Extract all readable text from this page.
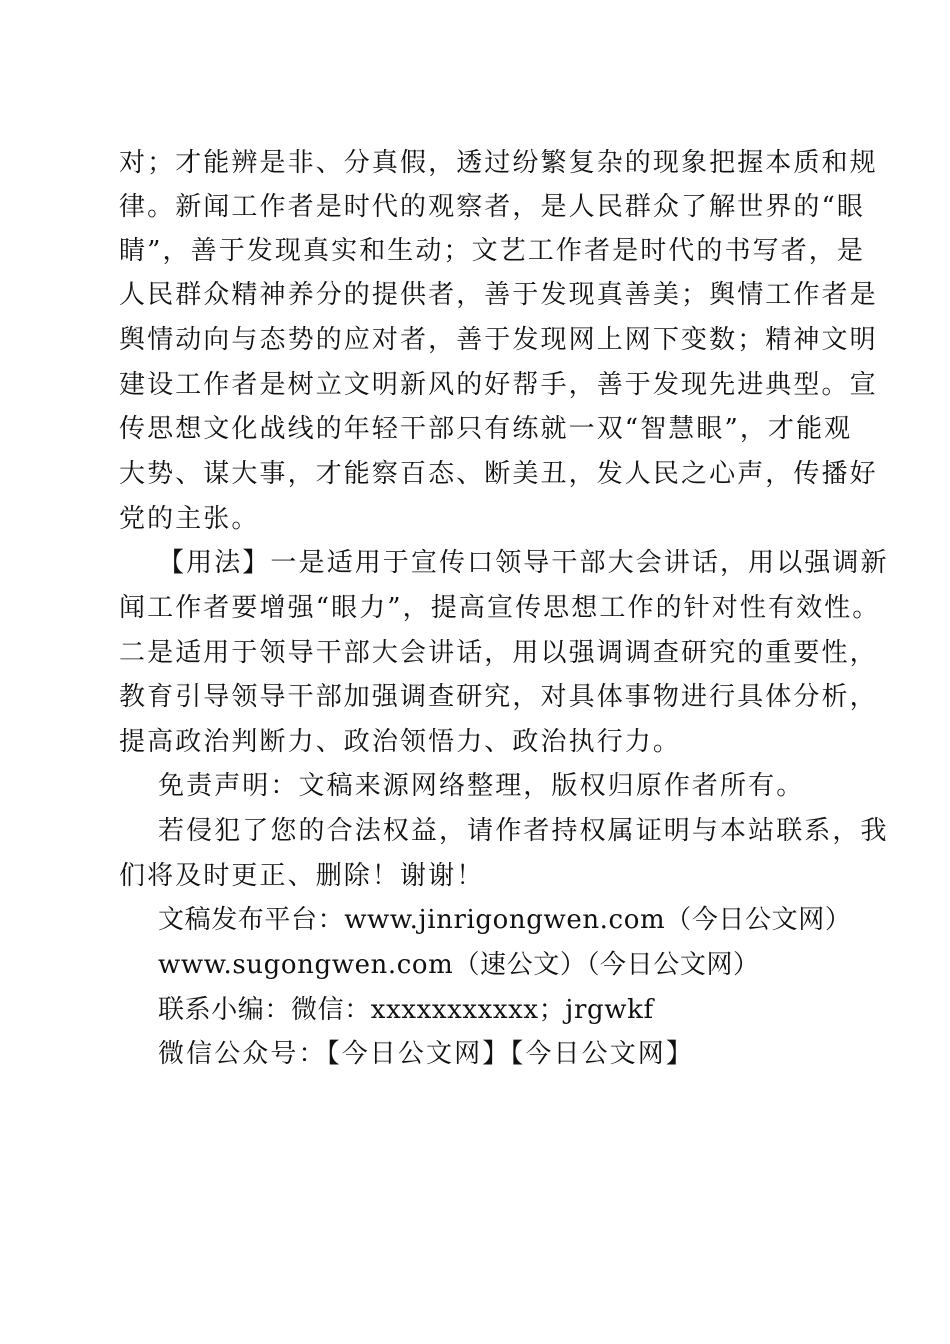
对；才能辨是非、分真假，透过纷繁复杂的现象把握本质和规
律。新闻工作者是时代的观察者，是人民群众了解世界的“眼
睛”，善于发现真实和生动；文艺工作者是时代的书写者，是
人民群众精神养分的提供者，善于发现真善美；舆情工作者是
舆情动向与态势的应对者，善于发现网上网下变数；精神文明
建设工作者是树立文明新风的好帮手，善于发现先进典型。宣
传思想文化战线的年轻干部只有练就一双“智慧眼”，才能观
大势、谋大事，才能察百态、断美丑，发人民之心声，传播好
党的主张。
【用法】一是适用于宣传口领导干部大会讲话，用以强调新
闻工作者要增强“眼力”，提高宣传思想工作的针对性有效性。
二是适用于领导干部大会讲话，用以强调调查研究的重要性，
教育引导领导干部加强调查研究，对具体事物进行具体分析，
提高政治判断力、政治领悟力、政治执行力。
免责声明：文稿来源网络整理，版权归原作者所有。
若侵犯了您的合法权益，请作者持权属证明与本站联系，我
们将及时更正、删除！谢谢！
文稿发布平台：www.jinrigongwen.com（今日公文网）
www.sugongwen.com（速公文）（今日公文网）
联系小编：微信：xxxxxxxxxxx；jrgwkf
微信公众号：【今日公文网】【今日公文网】
